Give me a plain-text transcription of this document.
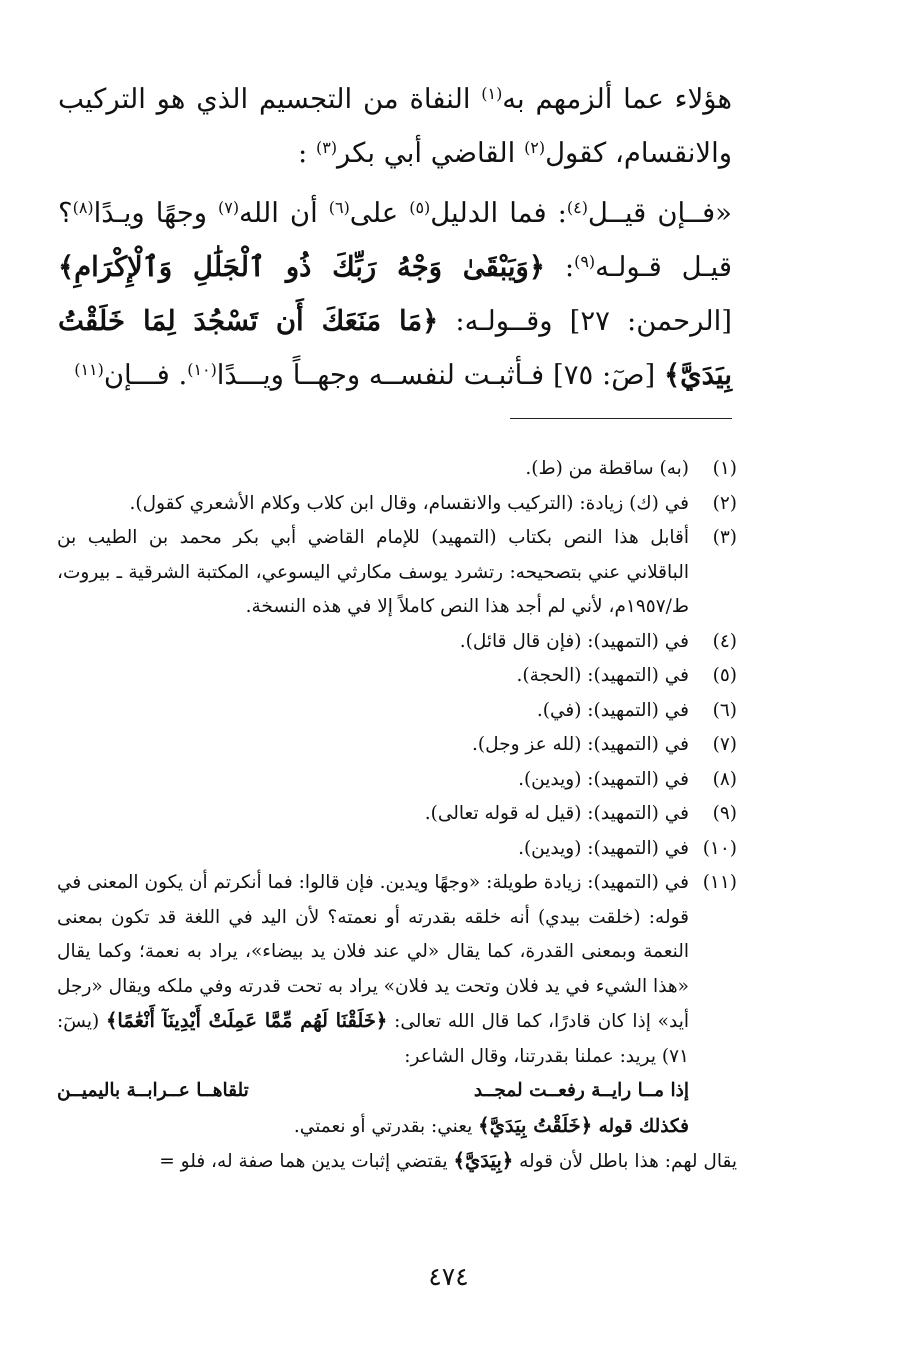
هؤلاء عما ألزمهم به$^{(١)}$ النفاة من التجسيم الذي هو التركيب والانقسام، كقول$^{(٢)}$ القاضي أبي بكر$^{(٣)}$ :

«فــإن قيــل$^{(٤)}$: فما الدليل$^{(٥)}$ على$^{(٦)}$ أن الله$^{(٧)}$ وجهًا ويـدًا$^{(٨)}$؟ قيـل قـولـه$^{(٩)}$: ﴿وَيَبْقَىٰ وَجْهُ رَبِّكَ ذُو ٱلْجَلَٰلِ وَٱلْإِكْرَامِ﴾ [الرحمن: ٢٧] وقــولـه: ﴿مَا مَنَعَكَ أَن تَسْجُدَ لِمَا خَلَقْتُ بِيَدَيَّ﴾ [صٓ: ٧٥] فـأثبـت لنفســه وجهــاً ويـــدًا$^{(١٠)}$. فـــإن$^{(١١)}$

(١)
(به) ساقطة من (ط).
(٢)
في (ك) زيادة: (التركيب والانقسام، وقال ابن كلاب وكلام الأشعري كقول).
(٣)
أقابل هذا النص بكتاب (التمهيد) للإمام القاضي أبي بكر محمد بن الطيب بن الباقلاني عني بتصحيحه: رتشرد يوسف مكارثي اليسوعي، المكتبة الشرقية ـ بيروت، ط/١٩٥٧م، لأني لم أجد هذا النص كاملاً إلا في هذه النسخة.
(٤)
في (التمهيد): (فإن قال قائل).
(٥)
في (التمهيد): (الحجة).
(٦)
في (التمهيد): (في).
(٧)
في (التمهيد): (لله عز وجل).
(٨)
في (التمهيد): (ويدين).
(٩)
في (التمهيد): (قيل له قوله تعالى).
(١٠)
في (التمهيد): (ويدين).
(١١)
في (التمهيد): زيادة طويلة: «وجهًا ويدين. فإن قالوا: فما أنكرتم أن يكون المعنى في قوله: (خلقت بيدي) أنه خلقه بقدرته أو نعمته؟ لأن اليد في اللغة قد تكون بمعنى النعمة وبمعنى القدرة، كما يقال «لي عند فلان يد بيضاء»، يراد به نعمة؛ وكما يقال «هذا الشيء في يد فلان وتحت يد فلان» يراد به تحت قدرته وفي ملكه ويقال «رجل أيد» إذا كان قادرًا، كما قال الله تعالى: ﴿خَلَقْنَا لَهُم مِّمَّا عَمِلَتْ أَيْدِينَآ أَنْعَٰمًا﴾ (يسٓ: ٧١) يريد: عملنا بقدرتنا، وقال الشاعر:
إذا مــا رايــة رفعــت لمجــد
تلقاهــا عــرابــة باليميــن
فكذلك قوله ﴿خَلَقْتُ بِيَدَيَّ﴾ يعني: بقدرتي أو نعمتي.
يقال لهم: هذا باطل لأن قوله ﴿بِيَدَيَّ﴾ يقتضي إثبات يدين هما صفة له، فلو =
٤٧٤
